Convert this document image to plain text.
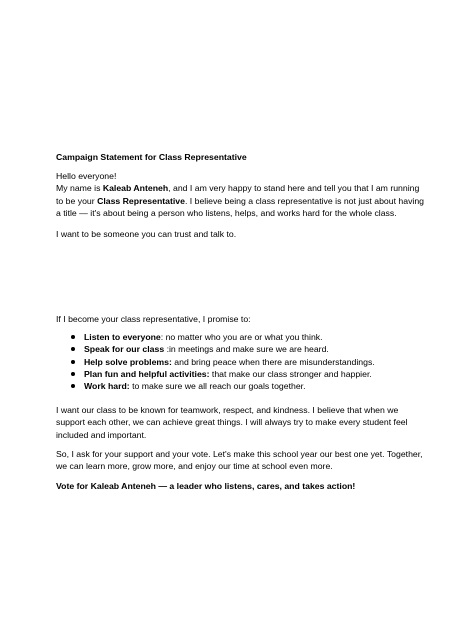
Campaign Statement for Class Representative
Hello everyone!
My name is Kaleab Anteneh, and I am very happy to stand here and tell you that I am running
to be your Class Representative. I believe being a class representative is not just about having
a title — it's about being a person who listens, helps, and works hard for the whole class.
I want to be someone you can trust and talk to.
If I become your class representative, I promise to:
Listen to everyone: no matter who you are or what you think.
Speak for our class :in meetings and make sure we are heard.
Help solve problems: and bring peace when there are misunderstandings.
Plan fun and helpful activities: that make our class stronger and happier.
Work hard: to make sure we all reach our goals together.
I want our class to be known for teamwork, respect, and kindness. I believe that when we
support each other, we can achieve great things. I will always try to make every student feel
included and important.
So, I ask for your support and your vote. Let's make this school year our best one yet. Together,
we can learn more, grow more, and enjoy our time at school even more.
Vote for Kaleab Anteneh — a leader who listens, cares, and takes action!
